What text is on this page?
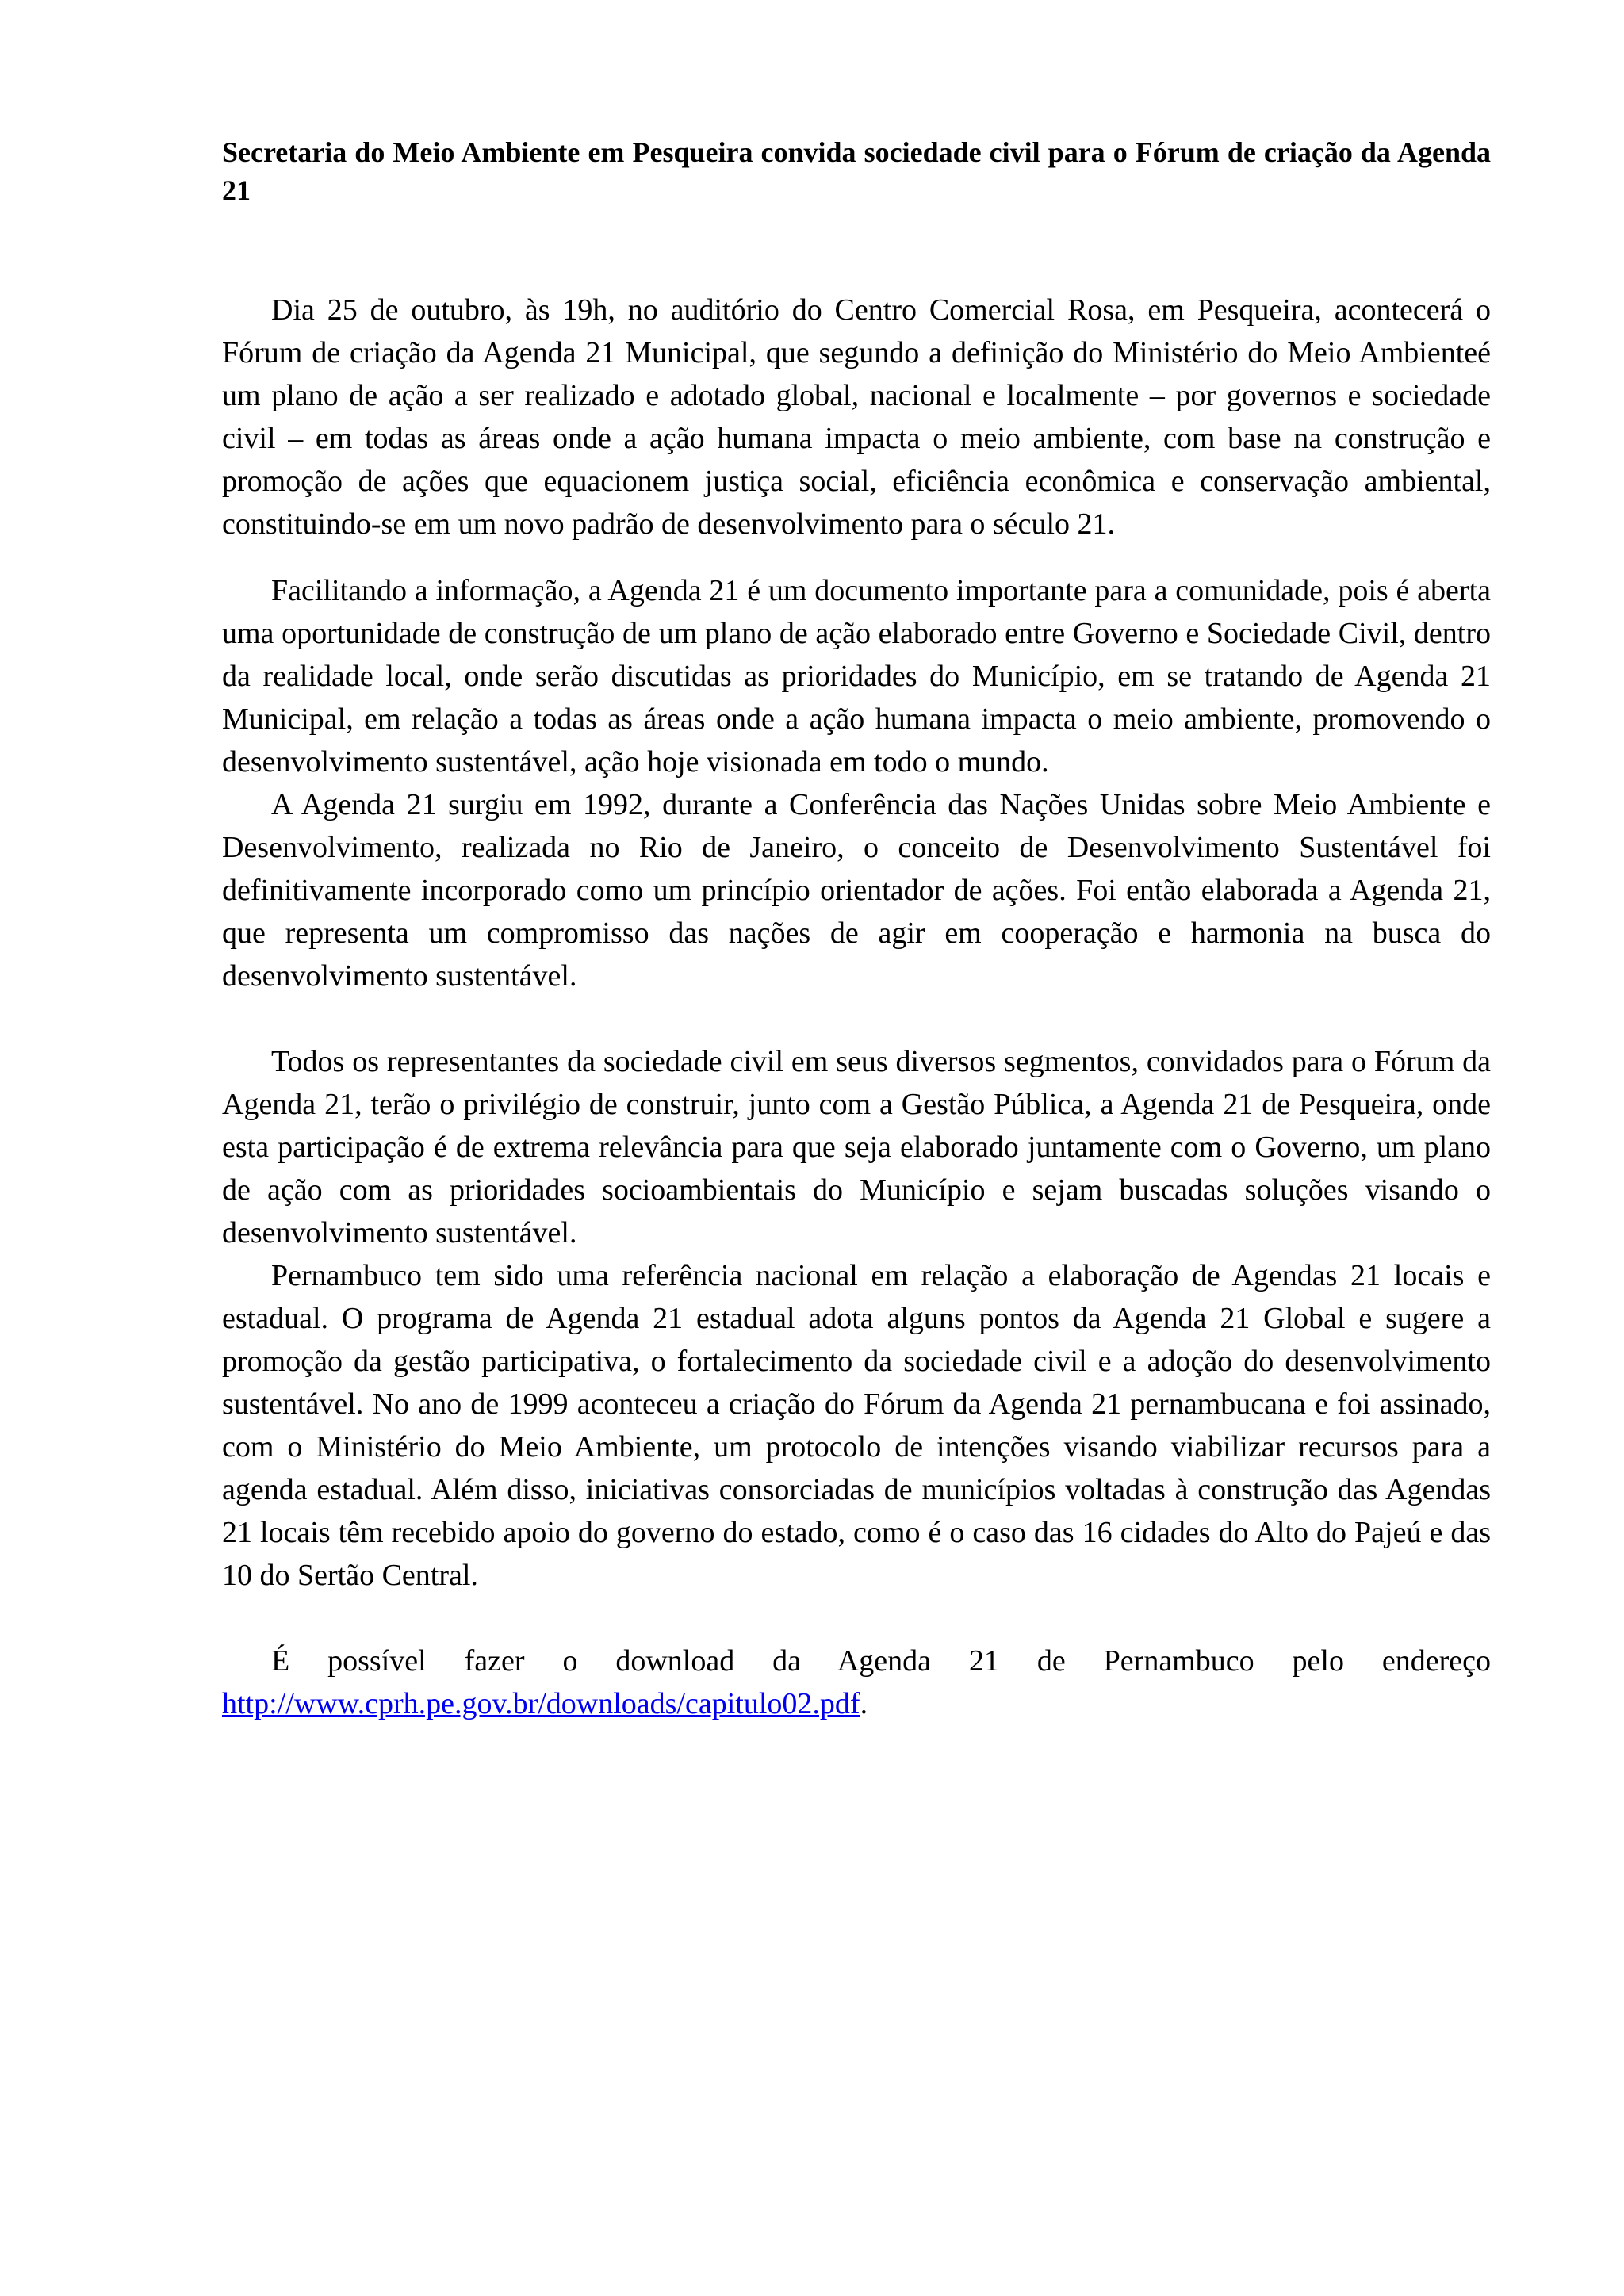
Secretaria do Meio Ambiente em Pesqueira convida sociedade civil para o Fórum de criação da Agenda 21

Dia 25 de outubro, às 19h, no auditório do Centro Comercial Rosa, em Pesqueira, acontecerá o Fórum de criação da Agenda 21 Municipal, que segundo a definição do Ministério do Meio Ambienteé um plano de ação a ser realizado e adotado global, nacional e localmente – por governos e sociedade civil – em todas as áreas onde a ação humana impacta o meio ambiente, com base na construção e promoção de ações que equacionem justiça social, eficiência econômica e conservação ambiental, constituindo-se em um novo padrão de desenvolvimento para o século 21.

Facilitando a informação, a Agenda 21 é um documento importante para a comunidade, pois é aberta uma oportunidade de construção de um plano de ação elaborado entre Governo e Sociedade Civil, dentro da realidade local, onde serão discutidas as prioridades do Município, em se tratando de Agenda 21 Municipal, em relação a todas as áreas onde a ação humana impacta o meio ambiente, promovendo o desenvolvimento sustentável, ação hoje visionada em todo o mundo.

A Agenda 21 surgiu em 1992, durante a Conferência das Nações Unidas sobre Meio Ambiente e Desenvolvimento, realizada no Rio de Janeiro, o conceito de Desenvolvimento Sustentável foi definitivamente incorporado como um princípio orientador de ações. Foi então elaborada a Agenda 21, que representa um compromisso das nações de agir em cooperação e harmonia na busca do desenvolvimento sustentável.

Todos os representantes da sociedade civil em seus diversos segmentos, convidados para o Fórum da Agenda 21, terão o privilégio de construir, junto com a Gestão Pública, a Agenda 21 de Pesqueira, onde esta participação é de extrema relevância para que seja elaborado juntamente com o Governo, um plano de ação com as prioridades socioambientais do Município e sejam buscadas soluções visando o desenvolvimento sustentável.

Pernambuco tem sido uma referência nacional em relação a elaboração de Agendas 21 locais e estadual. O programa de Agenda 21 estadual adota alguns pontos da Agenda 21 Global e sugere a promoção da gestão participativa, o fortalecimento da sociedade civil e a adoção do desenvolvimento sustentável. No ano de 1999 aconteceu a criação do Fórum da Agenda 21 pernambucana e foi assinado, com o Ministério do Meio Ambiente, um protocolo de intenções visando viabilizar recursos para a agenda estadual. Além disso, iniciativas consorciadas de municípios voltadas à construção das Agendas 21 locais têm recebido apoio do governo do estado, como é o caso das 16 cidades do Alto do Pajeú e das 10 do Sertão Central.

É possível fazer o download da Agenda 21 de Pernambuco pelo endereço http://www.cprh.pe.gov.br/downloads/capitulo02.pdf.
